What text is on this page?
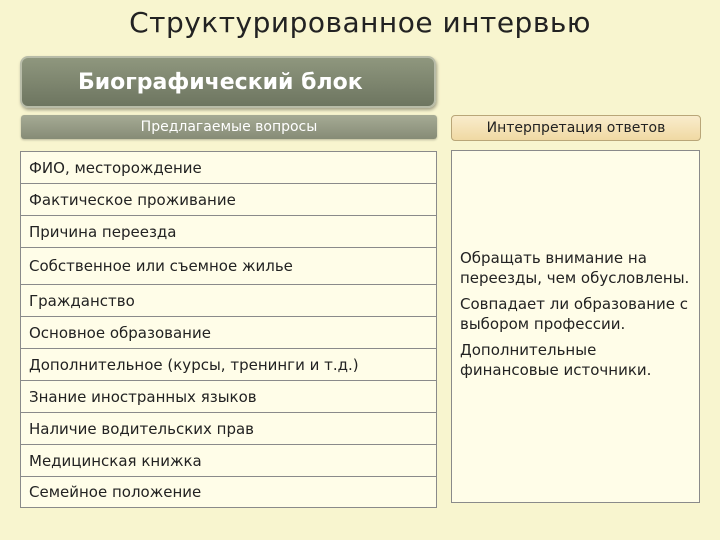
Структурированное интервью
Биографический блок
Предлагаемые вопросы	Интерпретация ответов
ФИО, месторождение
Фактическое проживание
Причина переезда
Собственное или съемное жилье
Гражданство
Основное образование
Дополнительное (курсы, тренинги и т.д.)
Знание иностранных языков
Наличие водительских прав
Медицинская книжка
Семейное положение

Обращать внимание на переезды, чем обусловлены.

Совпадает ли образование с выбором профессии.

Дополнительные финансовые источники.
